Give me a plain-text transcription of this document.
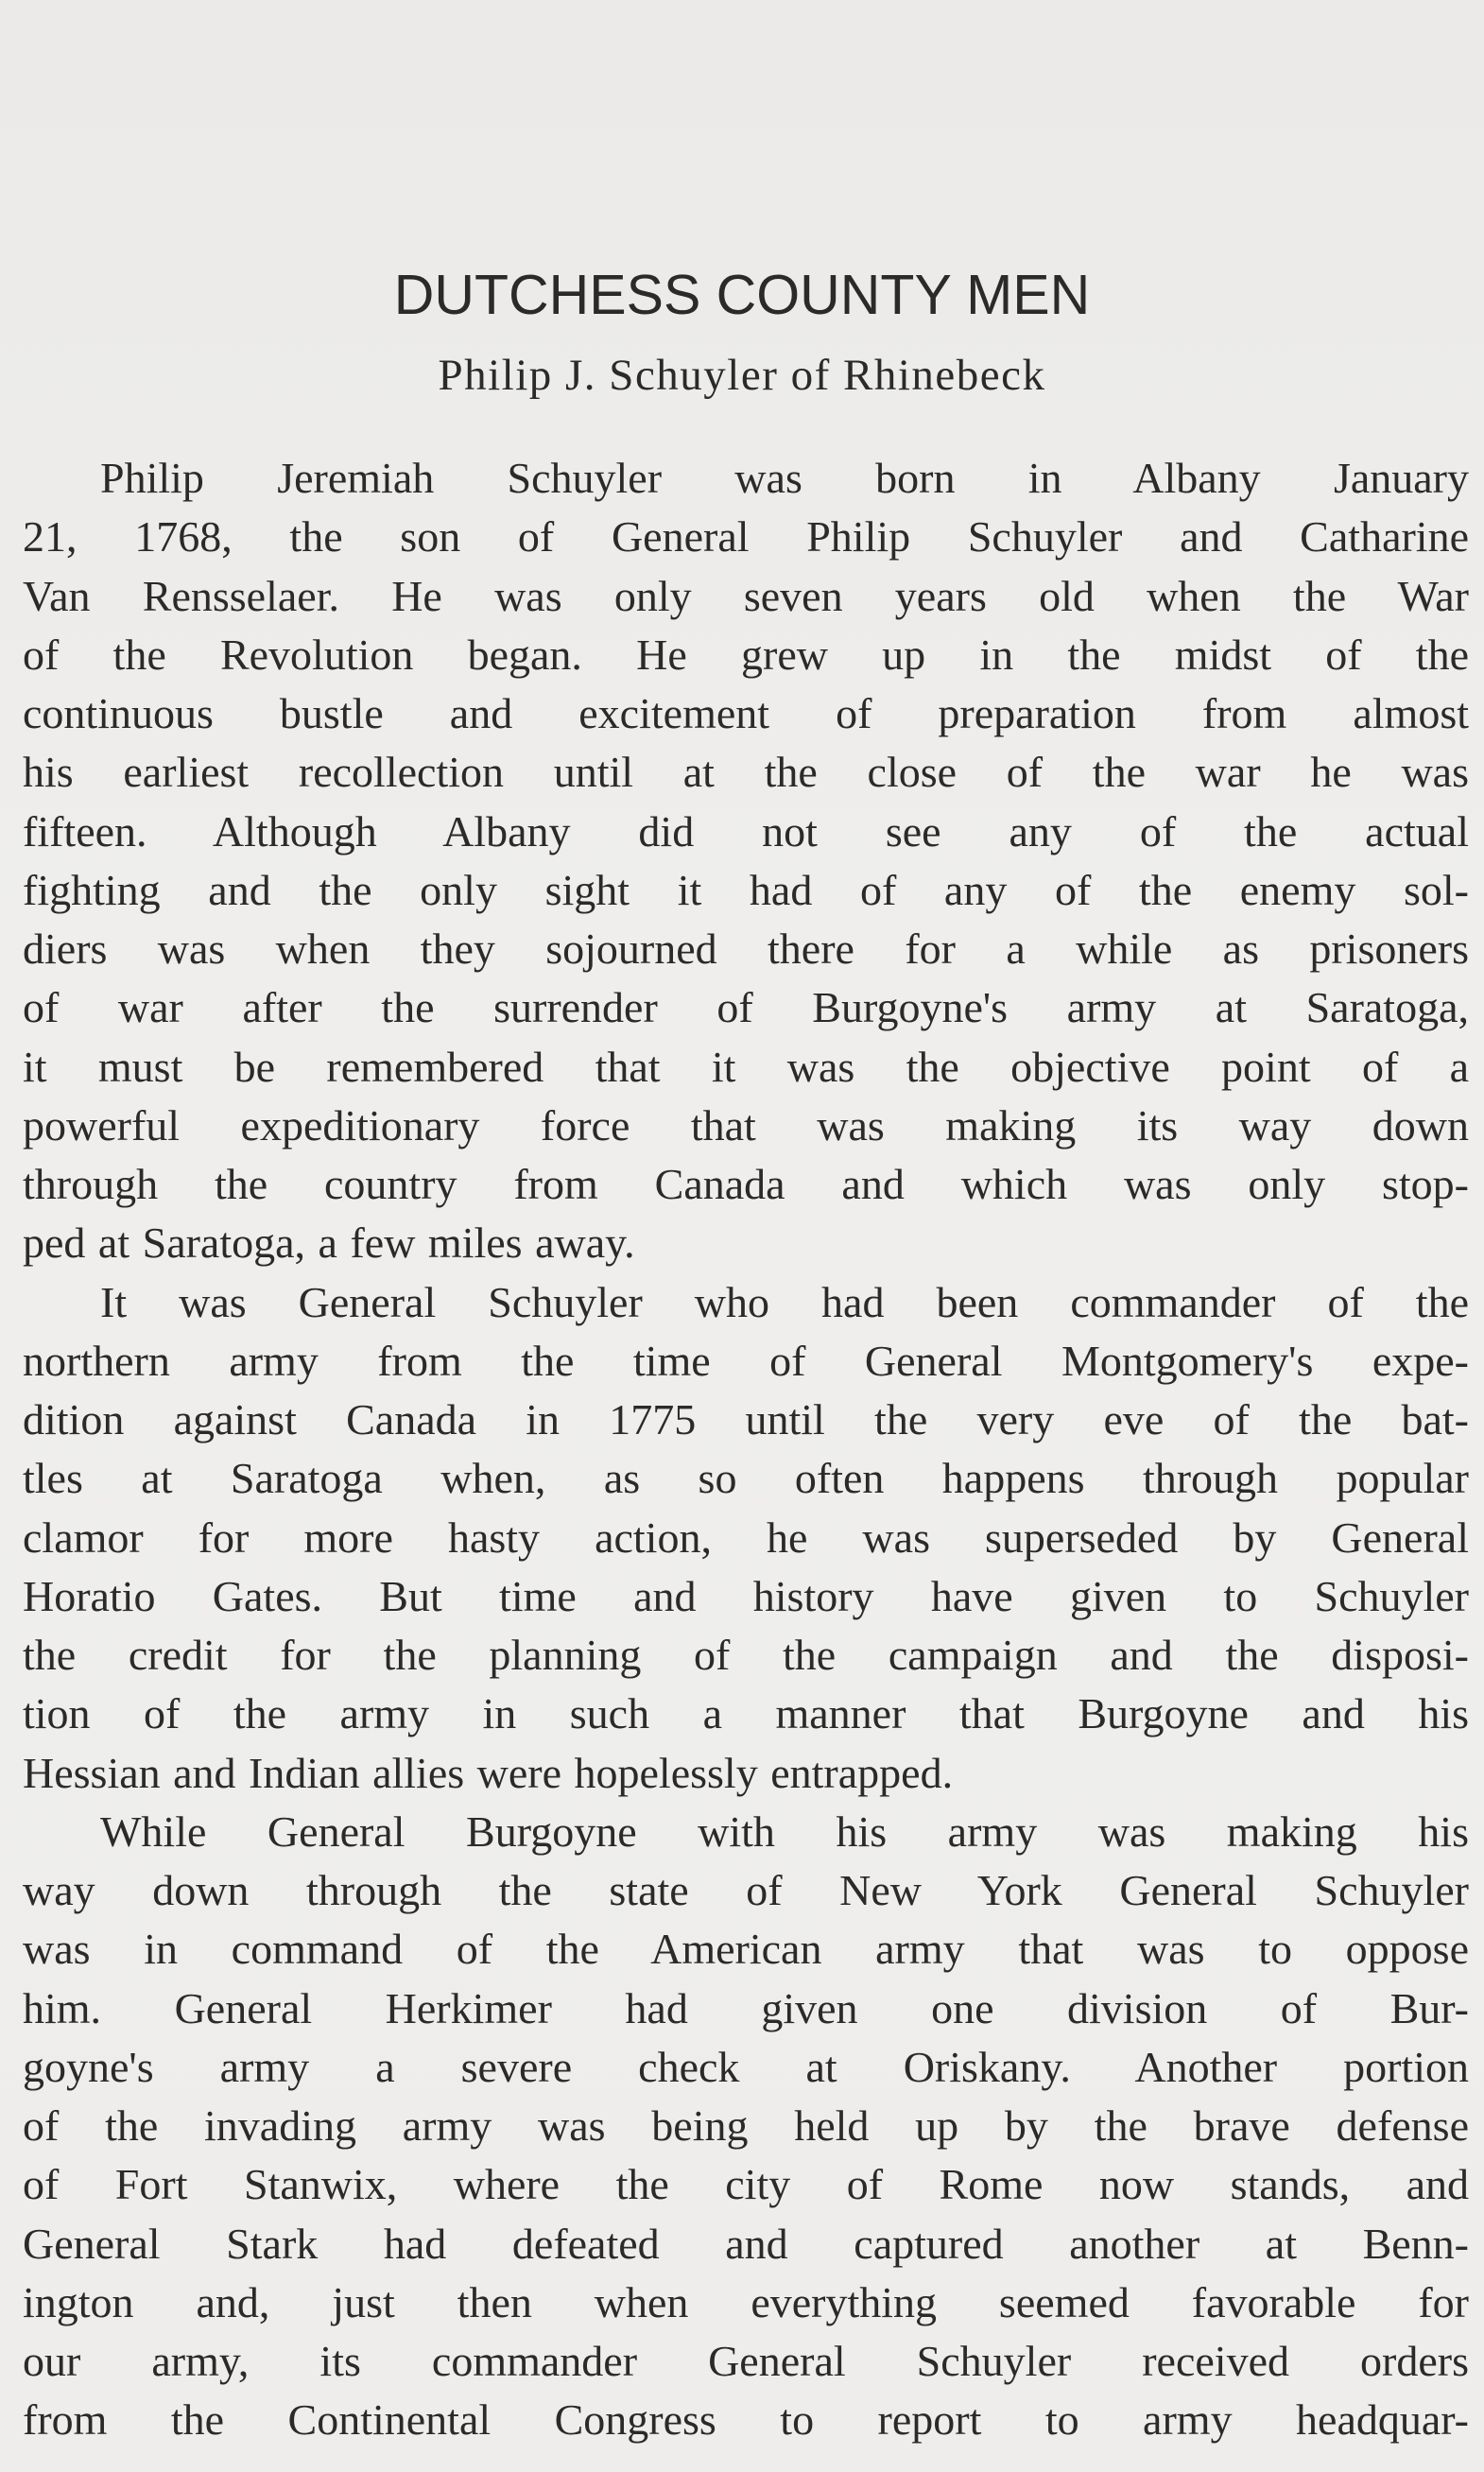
DUTCHESS COUNTY MEN
Philip J. Schuyler of Rhinebeck
Philip Jeremiah Schuyler was born in Albany January
21, 1768, the son of General Philip Schuyler and Catharine
Van Rensselaer. He was only seven years old when the War
of the Revolution began. He grew up in the midst of the
continuous bustle and excitement of preparation from almost
his earliest recollection until at the close of the war he was
fifteen. Although Albany did not see any of the actual
fighting and the only sight it had of any of the enemy sol-
diers was when they sojourned there for a while as prisoners
of war after the surrender of Burgoyne's army at Saratoga,
it must be remembered that it was the objective point of a
powerful expeditionary force that was making its way down
through the country from Canada and which was only stop-
ped at Saratoga, a few miles away.
It was General Schuyler who had been commander of the
northern army from the time of General Montgomery's expe-
dition against Canada in 1775 until the very eve of the bat-
tles at Saratoga when, as so often happens through popular
clamor for more hasty action, he was superseded by General
Horatio Gates. But time and history have given to Schuyler
the credit for the planning of the campaign and the disposi-
tion of the army in such a manner that Burgoyne and his
Hessian and Indian allies were hopelessly entrapped.
While General Burgoyne with his army was making his
way down through the state of New York General Schuyler
was in command of the American army that was to oppose
him. General Herkimer had given one division of Bur-
goyne's army a severe check at Oriskany. Another portion
of the invading army was being held up by the brave defense
of Fort Stanwix, where the city of Rome now stands, and
General Stark had defeated and captured another at Benn-
ington and, just then when everything seemed favorable for
our army, its commander General Schuyler received orders
from the Continental Congress to report to army headquar-
